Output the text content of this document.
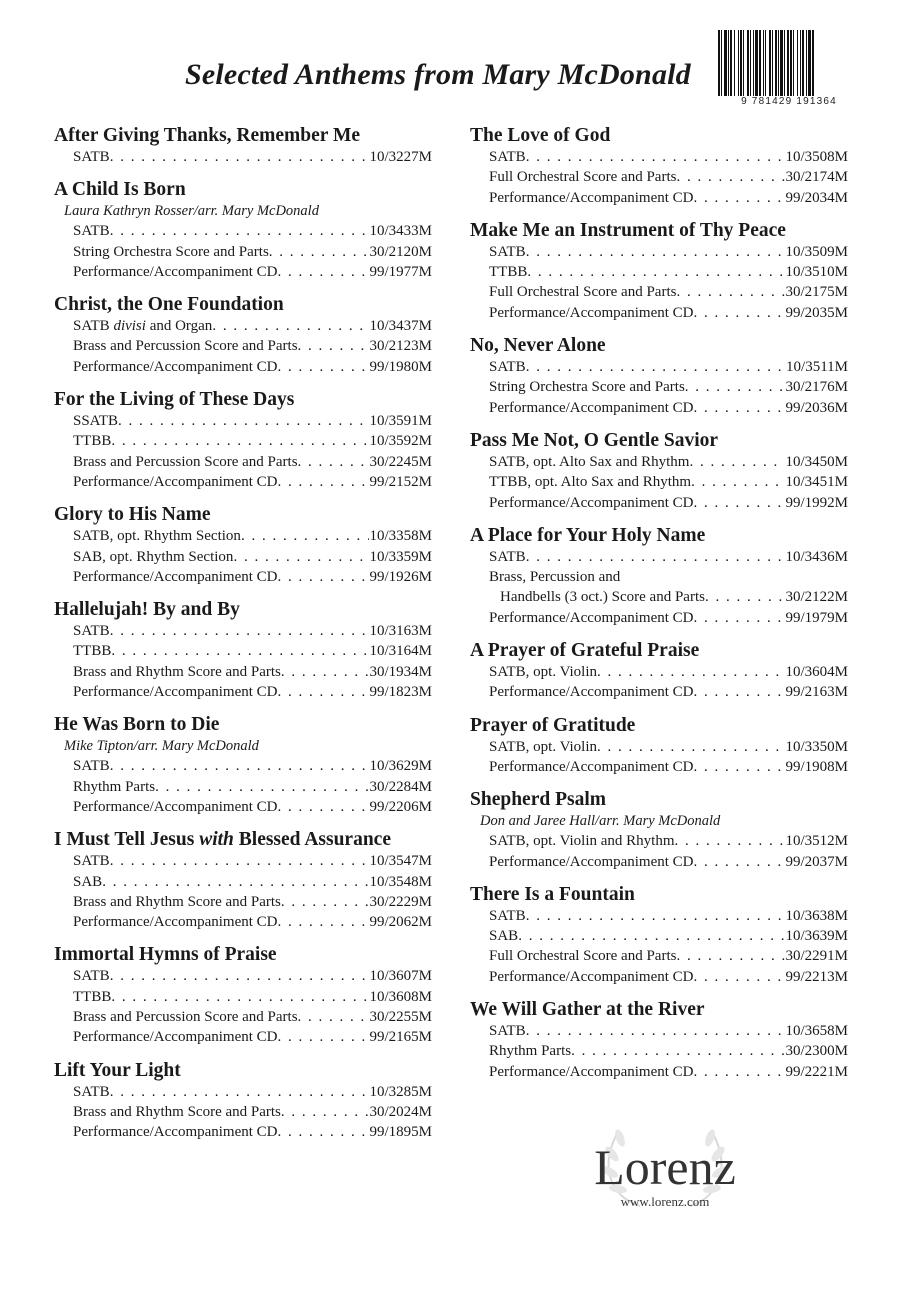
Selected Anthems from Mary McDonald
9 781429 191364
After Giving Thanks, Remember Me
SATB . . .	10/3227M
A Child Is Born
Laura Kathryn Rosser/arr. Mary McDonald
SATB . . .	10/3433M
String Orchestra Score and Parts . . .	30/2120M
Performance/Accompaniment CD . . .	99/1977M
Christ, the One Foundation
SATB divisi and Organ . . .	10/3437M
Brass and Percussion Score and Parts . . .	30/2123M
Performance/Accompaniment CD . . .	99/1980M
For the Living of These Days
SSATB . . .	10/3591M
TTBB . . .	10/3592M
Brass and Percussion Score and Parts . . .	30/2245M
Performance/Accompaniment CD . . .	99/2152M
Glory to His Name
SATB, opt. Rhythm Section . . .	10/3358M
SAB, opt. Rhythm Section . . .	10/3359M
Performance/Accompaniment CD . . .	99/1926M
Hallelujah! By and By
SATB . . .	10/3163M
TTBB . . .	10/3164M
Brass and Rhythm Score and Parts . . .	30/1934M
Performance/Accompaniment CD . . .	99/1823M
He Was Born to Die
Mike Tipton/arr. Mary McDonald
SATB . . .	10/3629M
Rhythm Parts . . .	30/2284M
Performance/Accompaniment CD . . .	99/2206M
I Must Tell Jesus with Blessed Assurance
SATB . . .	10/3547M
SAB . . .	10/3548M
Brass and Rhythm Score and Parts . . .	30/2229M
Performance/Accompaniment CD . . .	99/2062M
Immortal Hymns of Praise
SATB . . .	10/3607M
TTBB . . .	10/3608M
Brass and Percussion Score and Parts . . .	30/2255M
Performance/Accompaniment CD . . .	99/2165M
Lift Your Light
SATB . . .	10/3285M
Brass and Rhythm Score and Parts . . .	30/2024M
Performance/Accompaniment CD . . .	99/1895M
The Love of God
SATB . . .	10/3508M
Full Orchestral Score and Parts . . .	30/2174M
Performance/Accompaniment CD . . .	99/2034M
Make Me an Instrument of Thy Peace
SATB . . .	10/3509M
TTBB . . .	10/3510M
Full Orchestral Score and Parts . . .	30/2175M
Performance/Accompaniment CD . . .	99/2035M
No, Never Alone
SATB . . .	10/3511M
String Orchestra Score and Parts . . .	30/2176M
Performance/Accompaniment CD . . .	99/2036M
Pass Me Not, O Gentle Savior
SATB, opt. Alto Sax and Rhythm . . .	10/3450M
TTBB, opt. Alto Sax and Rhythm . . .	10/3451M
Performance/Accompaniment CD . . .	99/1992M
A Place for Your Holy Name
SATB . . .	10/3436M
Brass, Percussion and
Handbells (3 oct.) Score and Parts . . .	30/2122M
Performance/Accompaniment CD . . .	99/1979M
A Prayer of Grateful Praise
SATB, opt. Violin . . .	10/3604M
Performance/Accompaniment CD . . .	99/2163M
Prayer of Gratitude
SATB, opt. Violin . . .	10/3350M
Performance/Accompaniment CD . . .	99/1908M
Shepherd Psalm
Don and Jaree Hall/arr. Mary McDonald
SATB, opt. Violin and Rhythm . . .	10/3512M
Performance/Accompaniment CD . . .	99/2037M
There Is a Fountain
SATB . . .	10/3638M
SAB . . .	10/3639M
Full Orchestral Score and Parts . . .	30/2291M
Performance/Accompaniment CD . . .	99/2213M
We Will Gather at the River
SATB . . .	10/3658M
Rhythm Parts . . .	30/2300M
Performance/Accompaniment CD . . .	99/2221M
Lorenz
www.lorenz.com
